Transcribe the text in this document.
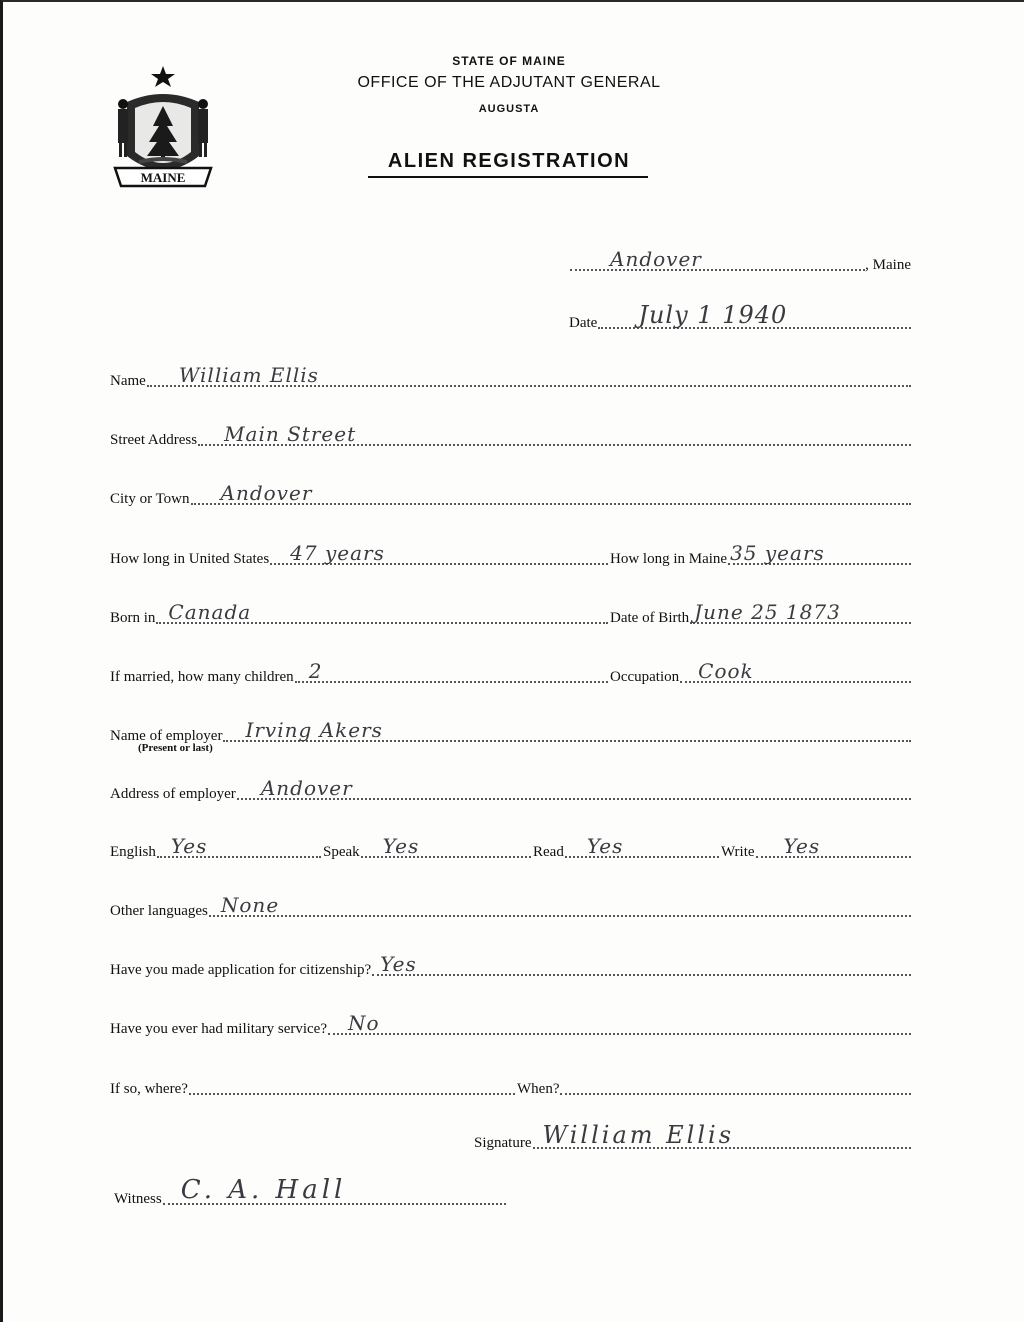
MAINE
STATE OF MAINE
OFFICE OF THE ADJUTANT GENERAL
AUGUSTA
ALIEN REGISTRATION
Andover	, Maine
Date July 1 1940
Name William Ellis
Street Address Main Street
City or Town Andover
How long in United States 47 years	How long in Maine 35 years
Born in Canada	Date of Birth June 25 1873
If married, how many children 2	Occupation Cook
Name of employer Irving Akers
(Present or last)
Address of employer Andover
English Yes	Speak Yes	Read Yes	Write Yes
Other languages None
Have you made application for citizenship? Yes
Have you ever had military service? No
If so, where?	When?
Signature William Ellis
Witness C. A. Hall
